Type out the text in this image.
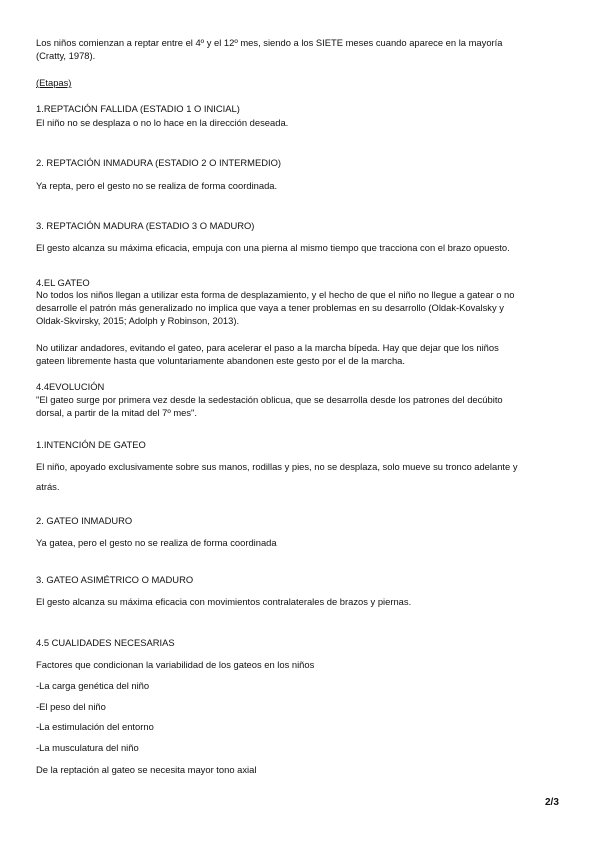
Los niños comienzan a reptar entre el 4º y el 12º mes, siendo a los SIETE meses cuando aparece en la mayoría
(Cratty, 1978).
(Etapas)
1.REPTACIÓN FALLIDA (ESTADIO 1 O INICIAL)
El niño no se desplaza o no lo hace en la dirección deseada.
2. REPTACIÓN INMADURA (ESTADIO 2 O INTERMEDIO)
Ya repta, pero el gesto no se realiza de forma coordinada.
3. REPTACIÓN MADURA (ESTADIO 3 O MADURO)
El gesto alcanza su máxima eficacia, empuja con una pierna al mismo tiempo que tracciona con el brazo opuesto.
4.EL GATEO
No todos los niños llegan a utilizar esta forma de desplazamiento, y el hecho de que el niño no llegue a gatear o no
desarrolle el patrón más generalizado no implica que vaya a tener problemas en su desarrollo (Oldak-Kovalsky y
Oldak-Skvirsky, 2015; Adolph y Robinson, 2013).
No utilizar andadores, evitando el gateo, para acelerar el paso a la marcha bípeda. Hay que dejar que los niños
gateen libremente hasta que voluntariamente abandonen este gesto por el de la marcha.
4.4EVOLUCIÓN
"El gateo surge por primera vez desde la sedestación oblicua, que se desarrolla desde los patrones del decúbito
dorsal, a partir de la mitad del 7º mes".
1.INTENCIÓN DE GATEO
El niño, apoyado exclusivamente sobre sus manos, rodillas y pies, no se desplaza, solo mueve su tronco adelante y
atrás.
2. GATEO INMADURO
Ya gatea, pero el gesto no se realiza de forma coordinada
3. GATEO ASIMÉTRICO O MADURO
El gesto alcanza su máxima eficacia con movimientos contralaterales de brazos y piernas.
4.5 CUALIDADES NECESARIAS
Factores que condicionan la variabilidad de los gateos en los niños
-La carga genética del niño
-El peso del niño
-La estimulación del entorno
-La musculatura del niño
De la reptación al gateo se necesita mayor tono axial
2/3
